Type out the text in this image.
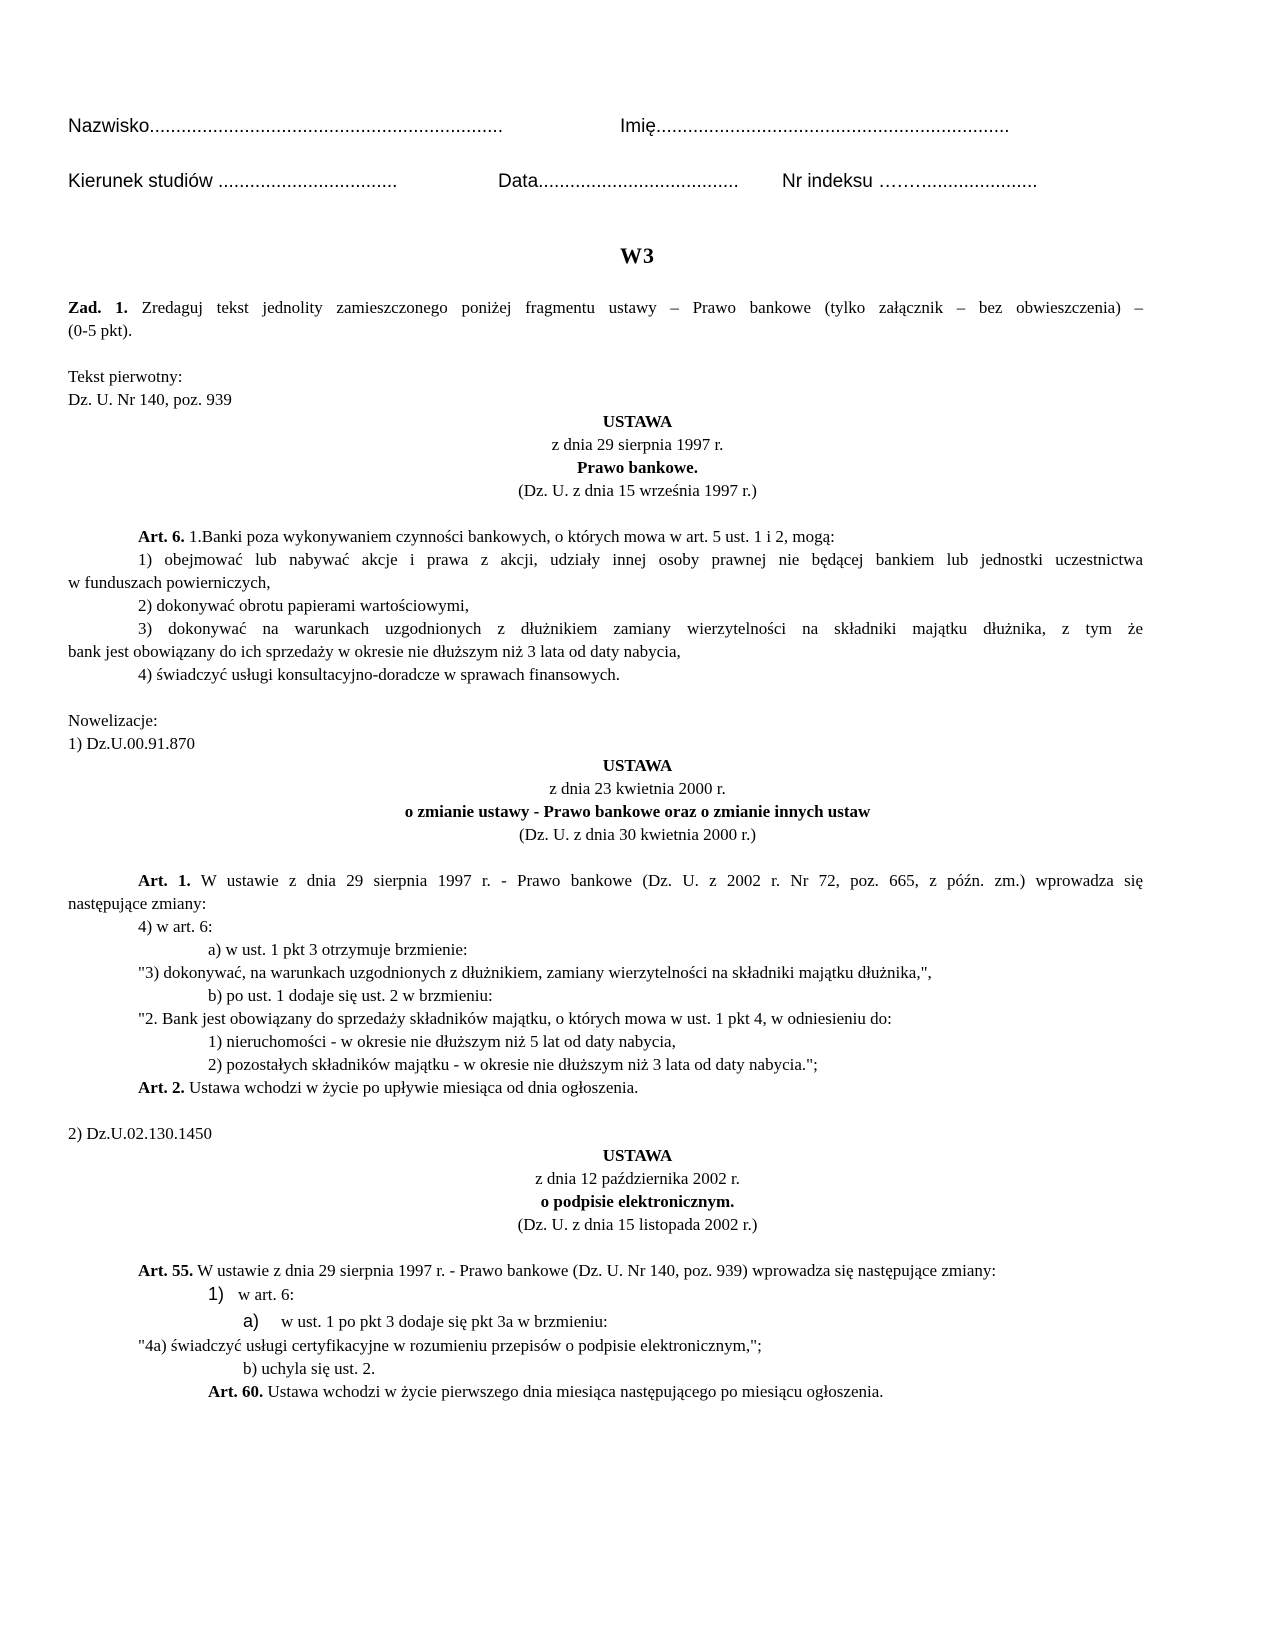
Nazwisko...................................................................	Imię...................................................................
Kierunek studiów ..................................	Data...................................... Nr indeksu ….…......................
W3
Zad. 1. Zredaguj tekst jednolity zamieszczonego poniżej fragmentu ustawy – Prawo bankowe (tylko załącznik – bez obwieszczenia) –
(0-5 pkt).
Tekst pierwotny:
Dz. U. Nr 140, poz. 939
USTAWA
z dnia 29 sierpnia 1997 r.
Prawo bankowe.
(Dz. U. z dnia 15 września 1997 r.)
Art. 6. 1.Banki poza wykonywaniem czynności bankowych, o których mowa w art. 5 ust. 1 i 2, mogą:
1) obejmować lub nabywać akcje i prawa z akcji, udziały innej osoby prawnej nie będącej bankiem lub jednostki uczestnictwa
w funduszach powierniczych,
2) dokonywać obrotu papierami wartościowymi,
3) dokonywać na warunkach uzgodnionych z dłużnikiem zamiany wierzytelności na składniki majątku dłużnika, z tym że
bank jest obowiązany do ich sprzedaży w okresie nie dłuższym niż 3 lata od daty nabycia,
4) świadczyć usługi konsultacyjno-doradcze w sprawach finansowych.
Nowelizacje:
1) Dz.U.00.91.870
USTAWA
z dnia 23 kwietnia 2000 r.
o zmianie ustawy - Prawo bankowe oraz o zmianie innych ustaw
(Dz. U. z dnia 30 kwietnia 2000 r.)
Art. 1. W ustawie z dnia 29 sierpnia 1997 r. - Prawo bankowe (Dz. U. z 2002 r. Nr 72, poz. 665, z późn. zm.) wprowadza się
następujące zmiany:
4) w art. 6:
a) w ust. 1 pkt 3 otrzymuje brzmienie:
"3) dokonywać, na warunkach uzgodnionych z dłużnikiem, zamiany wierzytelności na składniki majątku dłużnika,",
b) po ust. 1 dodaje się ust. 2 w brzmieniu:
"2. Bank jest obowiązany do sprzedaży składników majątku, o których mowa w ust. 1 pkt 4, w odniesieniu do:
1) nieruchomości - w okresie nie dłuższym niż 5 lat od daty nabycia,
2) pozostałych składników majątku - w okresie nie dłuższym niż 3 lata od daty nabycia.";
Art. 2. Ustawa wchodzi w życie po upływie miesiąca od dnia ogłoszenia.
2) Dz.U.02.130.1450
USTAWA
z dnia 12 października 2002 r.
o podpisie elektronicznym.
(Dz. U. z dnia 15 listopada 2002 r.)
Art. 55. W ustawie z dnia 29 sierpnia 1997 r. - Prawo bankowe (Dz. U. Nr 140, poz. 939) wprowadza się następujące zmiany:
1) w art. 6:
a) w ust. 1 po pkt 3 dodaje się pkt 3a w brzmieniu:
"4a) świadczyć usługi certyfikacyjne w rozumieniu przepisów o podpisie elektronicznym,";
b) uchyla się ust. 2.
Art. 60. Ustawa wchodzi w życie pierwszego dnia miesiąca następującego po miesiącu ogłoszenia.
